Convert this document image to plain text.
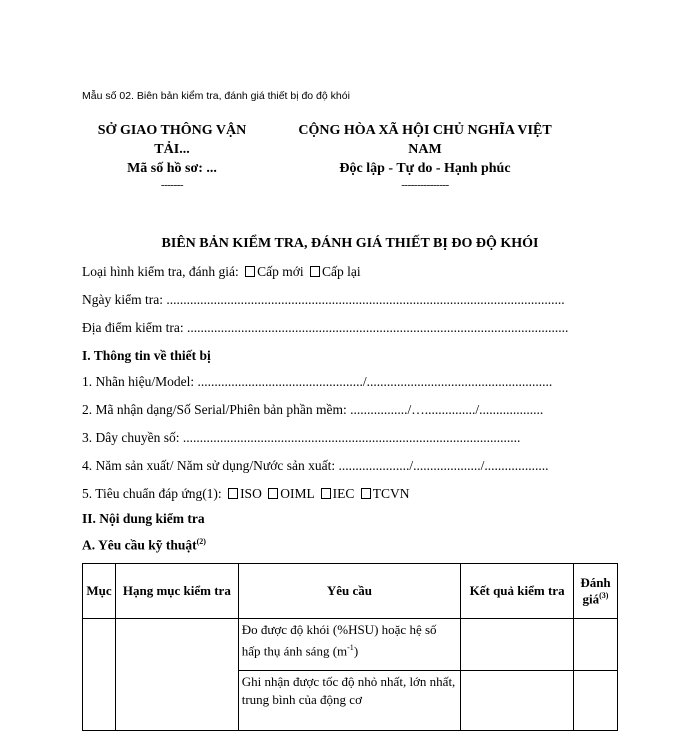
Mẫu số 02. Biên bản kiểm tra, đánh giá thiết bị đo độ khói
SỞ GIAO THÔNG VẬN
TẢI...
Mã số hồ sơ: ...
-------
CỘNG HÒA XÃ HỘI CHỦ NGHĨA VIỆT
NAM
Độc lập - Tự do - Hạnh phúc
---------------
BIÊN BẢN KIỂM TRA, ĐÁNH GIÁ THIẾT BỊ ĐO ĐỘ KHÓI
Loại hình kiểm tra, đánh giá: Cấp mới Cấp lại
Ngày kiểm tra: ......................................................................................................................
Địa điểm kiểm tra: .................................................................................................................
I. Thông tin về thiết bị
1. Nhãn hiệu/Model: ................................................./.......................................................
2. Mã nhận dạng/Số Serial/Phiên bản phần mềm: ................./….............../...................
3. Dây chuyền số: ....................................................................................................
4. Năm sản xuất/ Năm sử dụng/Nước sản xuất: ...................../..................../...................
5. Tiêu chuẩn đáp ứng(1): ISO OIML IEC TCVN
II. Nội dung kiểm tra
A. Yêu cầu kỹ thuật$^{(2)}$
Mục	Hạng mục kiểm tra	Yêu cầu	Kết quả kiểm tra	Đánh giá$^{(3)}$
		Đo được độ khói (%HSU) hoặc hệ số hấp thụ ánh sáng $(m^{-1})$		
		Ghi nhận được tốc độ nhỏ nhất, lớn nhất, trung bình của động cơ		
